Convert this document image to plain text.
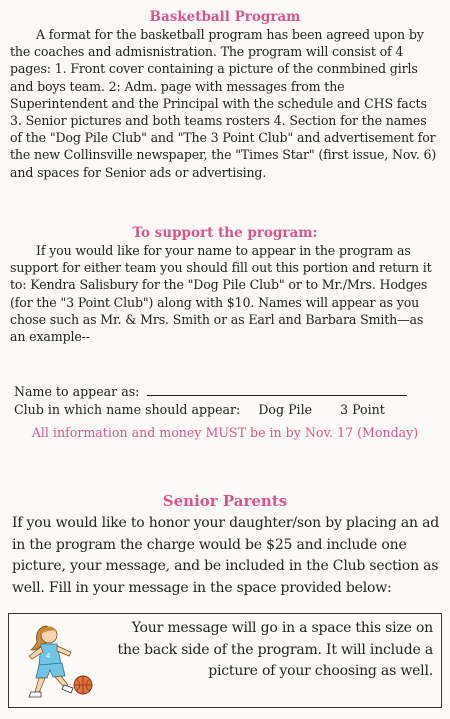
Basketball Program

A format for the basketball program has been agreed upon by the coaches and admisnistration. The program will consist of 4 pages: 1. Front cover containing a picture of the conmbined girls and boys team. 2: Adm. page with messages from the Superintendent and the Principal with the schedule and CHS facts 3. Senior pictures and both teams rosters 4. Section for the names of the "Dog Pile Club" and "The 3 Point Club" and advertisement for the new Collinsville newspaper, the "Times Star" (first issue, Nov. 6) and spaces for Senior ads or advertising.

To support the program:

If you would like for your name to appear in the program as support for either team you should fill out this portion and return it to: Kendra Salisbury for the "Dog Pile Club" or to Mr./Mrs. Hodges (for the "3 Point Club") along with $10. Names will appear as you chose such as Mr. & Mrs. Smith or as Earl and Barbara Smith—as an example--

Name to appear as:
Club in which name should appear: Dog Pile 3 Point
All information and money MUST be in by Nov. 17 (Monday)
Senior Parents

If you would like to honor your daughter/son by placing an ad in the program the charge would be $25 and include one picture, your message, and be included in the Club section as well. Fill in your message in the space provided below:

4
Your message will go in a space this size on the back side of the program. It will include a picture of your choosing as well.
